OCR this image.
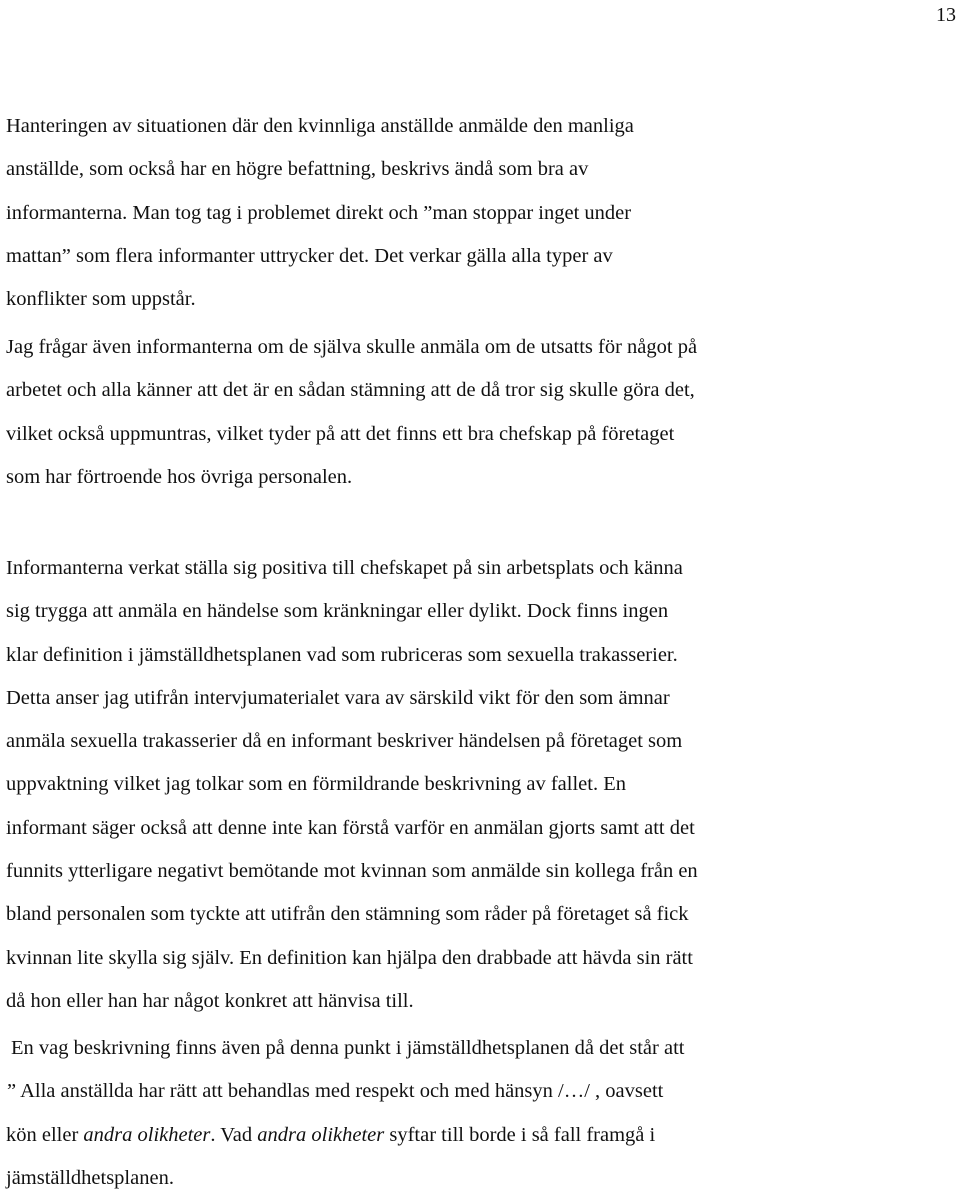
13

Hanteringen av situationen där den kvinnliga anställde anmälde den manliga
anställde, som också har en högre befattning, beskrivs ändå som bra av
informanterna. Man tog tag i problemet direkt och ”man stoppar inget under
mattan” som flera informanter uttrycker det. Det verkar gälla alla typer av
konflikter som uppstår.

Jag frågar även informanterna om de själva skulle anmäla om de utsatts för något på
arbetet och alla känner att det är en sådan stämning att de då tror sig skulle göra det,
vilket också uppmuntras, vilket tyder på att det finns ett bra chefskap på företaget
som har förtroende hos övriga personalen.

Informanterna verkat ställa sig positiva till chefskapet på sin arbetsplats och känna
sig trygga att anmäla en händelse som kränkningar eller dylikt. Dock finns ingen
klar definition i jämställdhetsplanen vad som rubriceras som sexuella trakasserier.
Detta anser jag utifrån intervjumaterialet vara av särskild vikt för den som ämnar
anmäla sexuella trakasserier då en informant beskriver händelsen på företaget som
uppvaktning vilket jag tolkar som en förmildrande beskrivning av fallet. En
informant säger också att denne inte kan förstå varför en anmälan gjorts samt att det
funnits ytterligare negativt bemötande mot kvinnan som anmälde sin kollega från en
bland personalen som tyckte att utifrån den stämning som råder på företaget så fick
kvinnan lite skylla sig själv. En definition kan hjälpa den drabbade att hävda sin rätt
då hon eller han har något konkret att hänvisa till.

En vag beskrivning finns även på denna punkt i jämställdhetsplanen då det står att
” Alla anställda har rätt att behandlas med respekt och med hänsyn /…/ , oavsett
kön eller andra olikheter. Vad andra olikheter syftar till borde i så fall framgå i
jämställdhetsplanen.
